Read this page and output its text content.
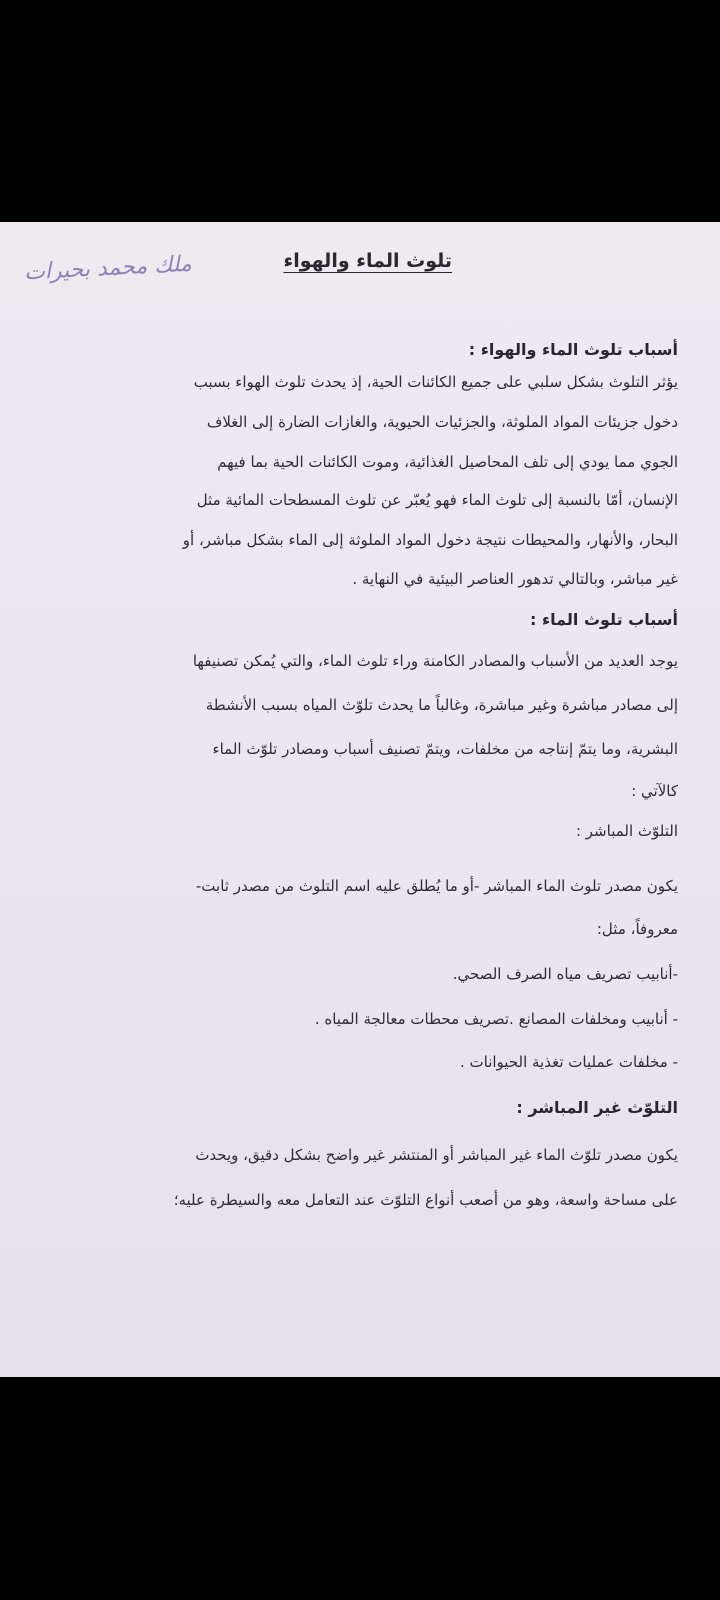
ملك محمد بحيرات	تلوث الماء والهواء

أسباب تلوث الماء والهواء :

يؤثر التلوث بشكل سلبي على جميع الكائنات الحية، إذ يحدث تلوث الهواء بسبب

دخول جزيئات المواد الملوثة، والجزئيات الحيوية، والغازات الضارة إلى الغلاف

الجوي مما يودي إلى تلف المحاصيل الغذائية، وموت الكائنات الحية بما فيهم

الإنسان، أمّا بالنسبة إلى تلوث الماء فهو يُعبّر عن تلوث المسطحات المائية مثل

البحار، والأنهار، والمحيطات نتيجة دخول المواد الملوثة إلى الماء بشكل مباشر، أو

غير مباشر، وبالتالي تدهور العناصر البيئية في النهاية .

أسباب تلوث الماء :

يوجد العديد من الأسباب والمصادر الكامنة وراء تلوث الماء، والتي يُمكن تصنيفها

إلى مصادر مباشرة وغير مباشرة، وغالباً ما يحدث تلوّث المياه بسبب الأنشطة

البشرية، وما يتمّ إنتاجه من مخلفات، ويتمّ تصنيف أسباب ومصادر تلوّث الماء

كالآتي :

التلوّث المباشر :

يكون مصدر تلوث الماء المباشر -أو ما يُطلق عليه اسم التلوث من مصدر ثابت-

معروفاً، مثل:

-أنابيب تصريف مياه الصرف الصحي.

- أنابيب ومخلفات المصانع .تصريف محطات معالجة المياه .

- مخلفات عمليات تغذية الحيوانات .

التلوّث غير المباشر :

يكون مصدر تلوّث الماء غير المباشر أو المنتشر غير واضح بشكل دقيق، ويحدث

على مساحة واسعة، وهو من أصعب أنواع التلوّث عند التعامل معه والسيطرة عليه؛
